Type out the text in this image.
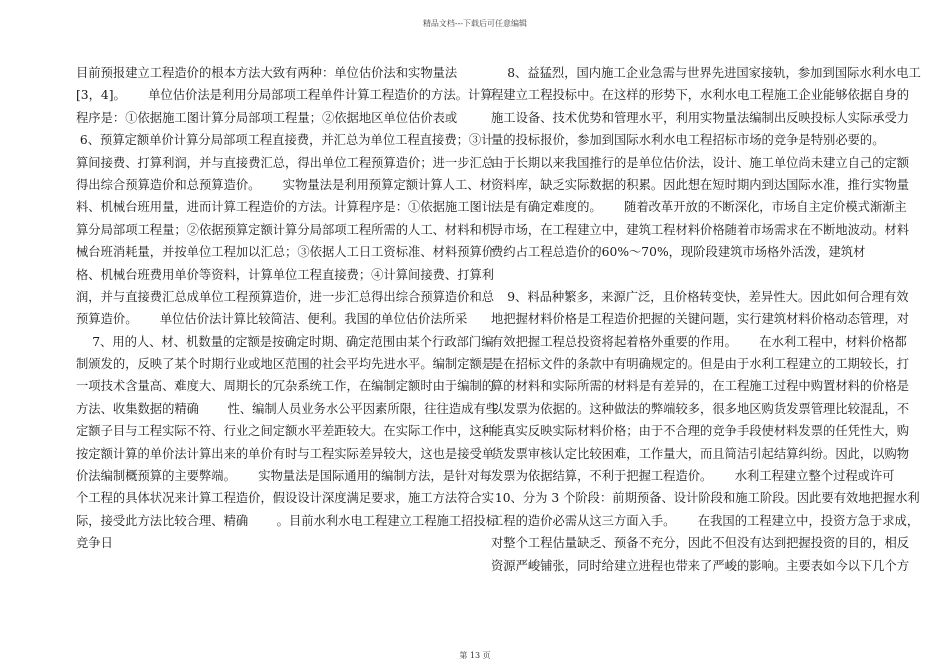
精品文档---下载后可任意编辑
目前预报建立工程造价的根本方法大致有两种：单位估价法和实物量法
[3，4]。　　 单位估价法是利用分局部项工程单件计算工程造价的方法。计算
程序是：①依据施工图计算分局部项工程量；②依据地区单位估价表或
6、预算定额单价计算分局部项工程直接费，并汇总为单位工程直接费；③计
算间接费、打算利润，并与直接费汇总，得出单位工程预算造价；进一步汇总
得出综合预算造价和总预算造价。　　 实物量法是利用预算定额计算人工、材
料、机械台班用量，进而计算工程造价的方法。计算程序是：①依据施工图计
算分局部项工程量；②依据预算定额计算分局部项工程所需的人工、材料和机
械台班消耗量，并按单位工程加以汇总；③依据人工日工资标准、材料预算价
格、机械台班费用单价等资料，计算单位工程直接费；④计算间接费、打算利
润，并与直接费汇总成单位工程预算造价，进一步汇总得出综合预算造价和总
预算造价。　　 单位估价法计算比较简洁、便利。我国的单位估价法所采
　 7、用的人、材、机数量的定额是按确定时期、确定范围由某个行政部门编
制颁发的，反映了某个时期行业或地区范围的社会平均先进水平。编制定额是
一项技术含量高、难度大、周期长的冗杂系统工作，在编制定额时由于编制的
方法、收集数据的精确　　 性、编制人员业务水公平因素所限，往往造成有些
定额子目与工程实际不符、行业之间定额水平差距较大。在实际工作中，这种
按定额计算的单价法计算出来的单价有时与工程实际差异较大，这也是接受单
价法编制概预算的主要弊端。　　 实物量法是国际通用的编制方法，是针对每
个工程的具体状况来计算工程造价，假设设计深度满足要求，施工方法符合实
际，接受此方法比较合理、精确　　 。目前水利水电工程建立工程施工招投标
竞争日
　 8、益猛烈，国内施工企业急需与世界先进国家接轨，参加到国际水利水电工
程建立工程投标中。在这样的形势下，水利水电工程施工企业能够依据自身的
施工设备、技术优势和管理水平，利用实物量法编制出反映投标人实际承受力
量的投标报价，参加到国际水利水电工程招标市场的竞争是特别必要的。
由于长期以来我国推行的是单位估价法，设计、施工单位尚未建立自己的定额
资料库，缺乏实际数据的积累。因此想在短时期内到达国际水准，推行实物量
法是有确定难度的。　　 随着改革开放的不断深化，市场自主定价模式渐渐主
导市场，在工程建立中，建筑工程材料价格随着市场需求在不断地波动。材料
费约占工程总造价的60%～70%，现阶段建筑市场格外活泼，建筑材
　 9、料品种繁多，来源广泛，且价格转变快，差异性大。因此如何合理有效
地把握材料价格是工程造价把握的关键问题，实行建筑材料价格动态管理，对
有效把握工程总投资将起着格外重要的作用。　　 在水利工程中，材料价格都
是在招标文件的条款中有明确规定的。但是由于水利工程建立的工期较长，打
算的材料和实际所需的材料是有差异的，在工程施工过程中购置材料的价格是
以发票为依据的。这种做法的弊端较多，很多地区购货发票管理比较混乱，不
能真实反映实际材料价格；由于不合理的竞争手段使材料发票的任凭性大，购
货发票审核认定比较困难，工作量大，而且简洁引起结算纠纷。因此，以购物
发票为依据结算，不利于把握工程造价。　　 水利工程建立整个过程或许可
10、分为 3 个阶段：前期预备、设计阶段和施工阶段。因此要有效地把握水利
工程的造价必需从这三方面入手。　　 在我国的工程建立中，投资方急于求成，
对整个工程估量缺乏、预备不充分，因此不但没有达到把握投资的目的，相反
资源严峻铺张，同时给建立进程也带来了严峻的影响。主要表如今以下几个方
第 13 页
